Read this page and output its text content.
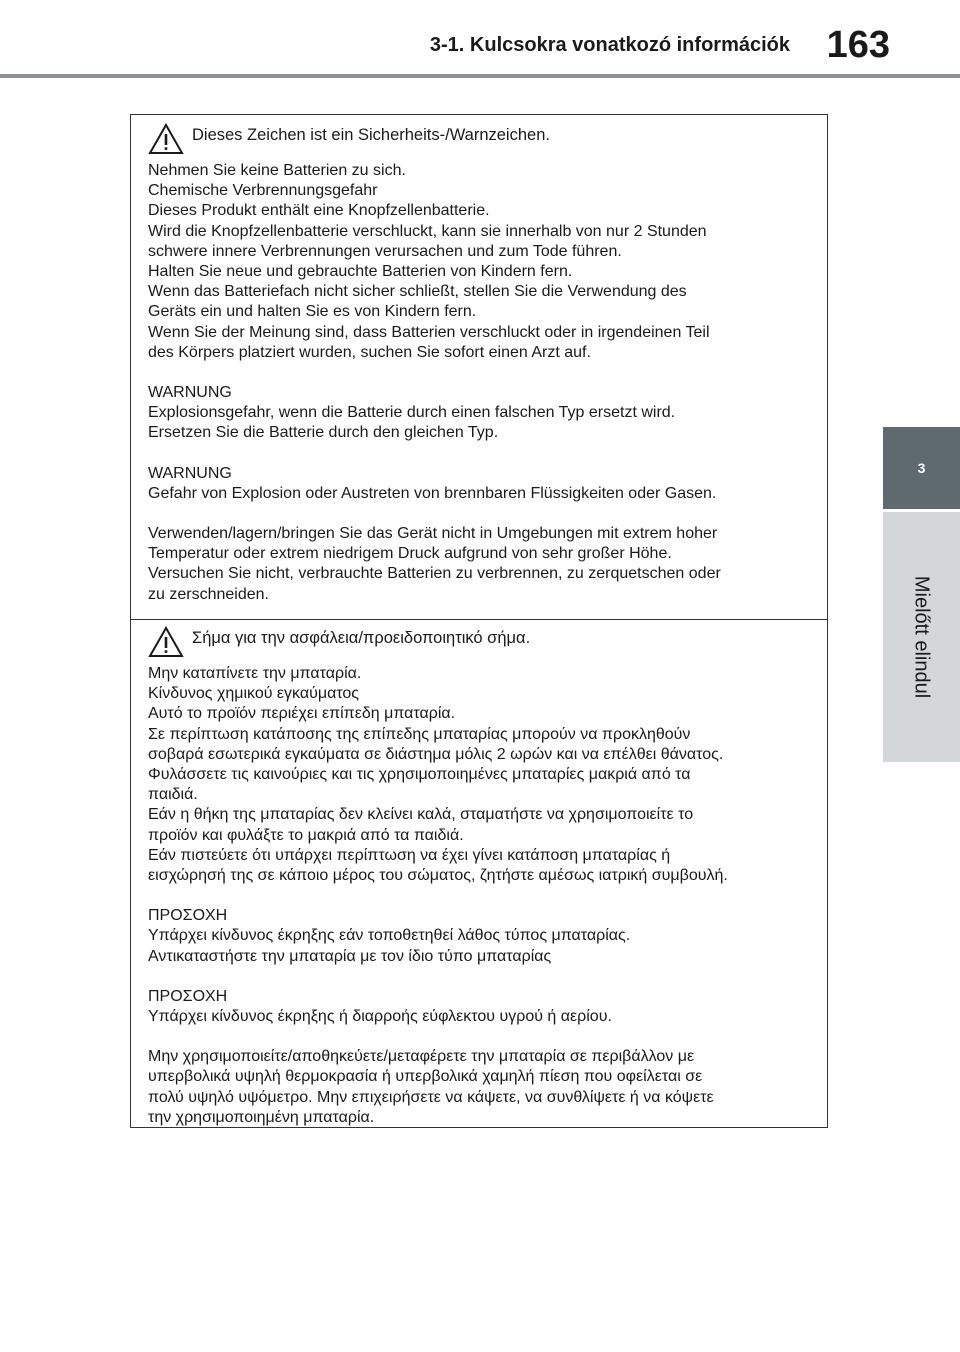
3-1. Kulcsokra vonatkozó információk 163
3
Mielőtt elindul
Dieses Zeichen ist ein Sicherheits-/Warnzeichen.
Nehmen Sie keine Batterien zu sich.
Chemische Verbrennungsgefahr
Dieses Produkt enthält eine Knopfzellenbatterie.
Wird die Knopfzellenbatterie verschluckt, kann sie innerhalb von nur 2 Stunden
schwere innere Verbrennungen verursachen und zum Tode führen.
Halten Sie neue und gebrauchte Batterien von Kindern fern.
Wenn das Batteriefach nicht sicher schließt, stellen Sie die Verwendung des
Geräts ein und halten Sie es von Kindern fern.
Wenn Sie der Meinung sind, dass Batterien verschluckt oder in irgendeinen Teil
des Körpers platziert wurden, suchen Sie sofort einen Arzt auf.
WARNUNG
Explosionsgefahr, wenn die Batterie durch einen falschen Typ ersetzt wird.
Ersetzen Sie die Batterie durch den gleichen Typ.
WARNUNG
Gefahr von Explosion oder Austreten von brennbaren Flüssigkeiten oder Gasen.
Verwenden/lagern/bringen Sie das Gerät nicht in Umgebungen mit extrem hoher
Temperatur oder extrem niedrigem Druck aufgrund von sehr großer Höhe.
Versuchen Sie nicht, verbrauchte Batterien zu verbrennen, zu zerquetschen oder
zu zerschneiden.
Σήμα για την ασφάλεια/προειδοποιητικό σήμα.
Μην καταπίνετε την μπαταρία.
Κίνδυνος χημικού εγκαύματος
Αυτό το προϊόν περιέχει επίπεδη μπαταρία.
Σε περίπτωση κατάποσης της επίπεδης μπαταρίας μπορούν να προκληθούν
σοβαρά εσωτερικά εγκαύματα σε διάστημα μόλις 2 ωρών και να επέλθει θάνατος.
Φυλάσσετε τις καινούριες και τις χρησιμοποιημένες μπαταρίες μακριά από τα
παιδιά.
Εάν η θήκη της μπαταρίας δεν κλείνει καλά, σταματήστε να χρησιμοποιείτε το
προϊόν και φυλάξτε το μακριά από τα παιδιά.
Εάν πιστεύετε ότι υπάρχει περίπτωση να έχει γίνει κατάποση μπαταρίας ή
εισχώρησή της σε κάποιο μέρος του σώματος, ζητήστε αμέσως ιατρική συμβουλή.
ΠΡΟΣΟΧΗ
Υπάρχει κίνδυνος έκρηξης εάν τοποθετηθεί λάθος τύπος μπαταρίας.
Αντικαταστήστε την μπαταρία με τον ίδιο τύπο μπαταρίας
ΠΡΟΣΟΧΗ
Υπάρχει κίνδυνος έκρηξης ή διαρροής εύφλεκτου υγρού ή αερίου.
Μην χρησιμοποιείτε/αποθηκεύετε/μεταφέρετε την μπαταρία σε περιβάλλον με
υπερβολικά υψηλή θερμοκρασία ή υπερβολικά χαμηλή πίεση που οφείλεται σε
πολύ υψηλό υψόμετρο. Μην επιχειρήσετε να κάψετε, να συνθλίψετε ή να κόψετε
την χρησιμοποιημένη μπαταρία.
